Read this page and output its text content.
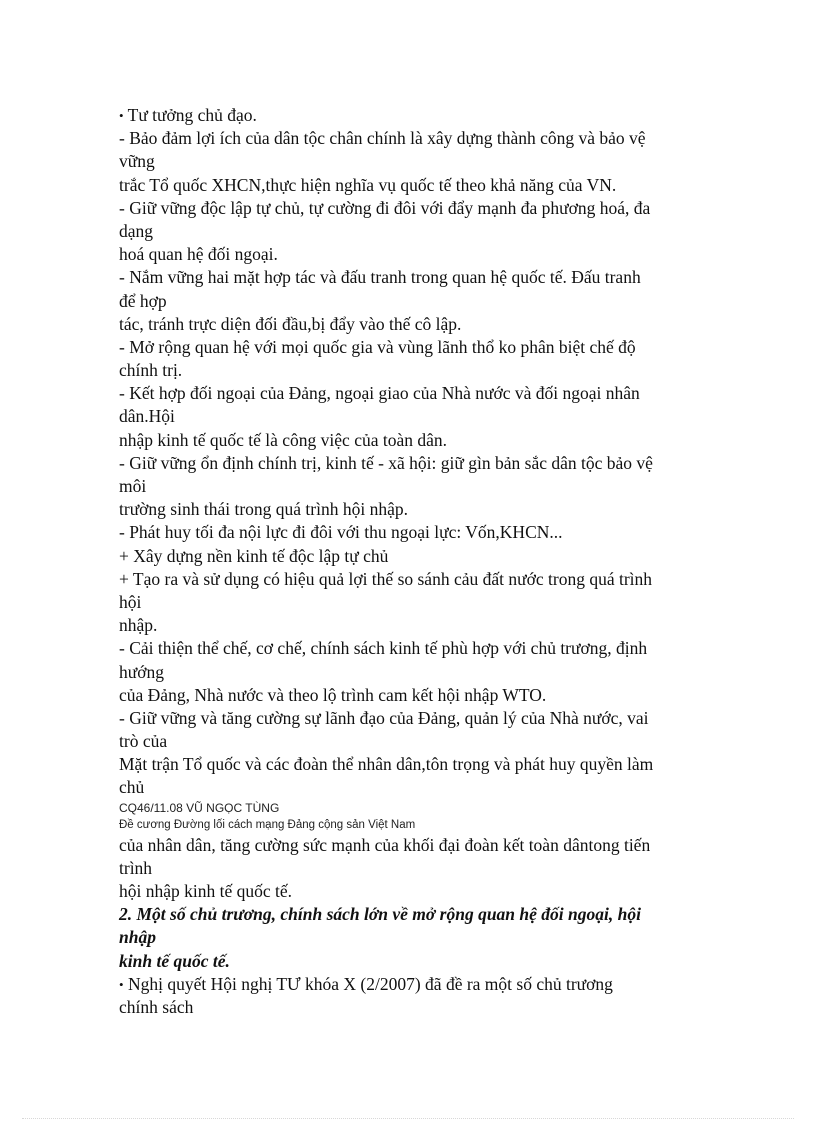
• Tư tưởng chủ đạo.
- Bảo đảm lợi ích của dân tộc chân chính là xây dựng thành công và bảo vệ
vững
trắc Tổ quốc XHCN,thực hiện nghĩa vụ quốc tế theo khả năng của VN.
- Giữ vững độc lập tự chủ, tự cường đi đôi với đẩy mạnh đa phương hoá, đa
dạng
hoá quan hệ đối ngoại.
- Nắm vững hai mặt hợp tác và đấu tranh trong quan hệ quốc tế. Đấu tranh
để hợp
tác, tránh trực diện đối đầu,bị đẩy vào thế cô lập.
- Mở rộng quan hệ với mọi quốc gia và vùng lãnh thổ ko phân biệt chế độ
chính trị.
- Kết hợp đối ngoại của Đảng, ngoại giao của Nhà nước và đối ngoại nhân
dân.Hội
nhập kinh tế quốc tế là công việc của toàn dân.
- Giữ vững ổn định chính trị, kinh tế - xã hội: giữ gìn bản sắc dân tộc bảo vệ
môi
trường sinh thái trong quá trình hội nhập.
- Phát huy tối đa nội lực đi đôi với thu ngoại lực: Vốn,KHCN...
+ Xây dựng nền kinh tế độc lập tự chủ
+ Tạo ra và sử dụng có hiệu quả lợi thế so sánh cảu đất nước trong quá trình
hội
nhập.
- Cải thiện thể chế, cơ chế, chính sách kinh tế phù hợp với chủ trương, định
hướng
của Đảng, Nhà nước và theo lộ trình cam kết hội nhập WTO.
- Giữ vững và tăng cường sự lãnh đạo của Đảng, quản lý của Nhà nước, vai
trò của
Mặt trận Tổ quốc và các đoàn thể nhân dân,tôn trọng và phát huy quyền làm
chủ
CQ46/11.08 VŨ NGỌC TÙNG
Đề cương Đường lối cách mạng Đảng cộng sản Việt Nam
của nhân dân, tăng cường sức mạnh của khối đại đoàn kết toàn dântong tiến
trình
hội nhập kinh tế quốc tế.
2. Một số chủ trương, chính sách lớn về mở rộng quan hệ đối ngoại, hội
nhập
kinh tế quốc tế.
• Nghị quyết Hội nghị TƯ khóa X (2/2007) đã đề ra một số chủ trương
chính sách
